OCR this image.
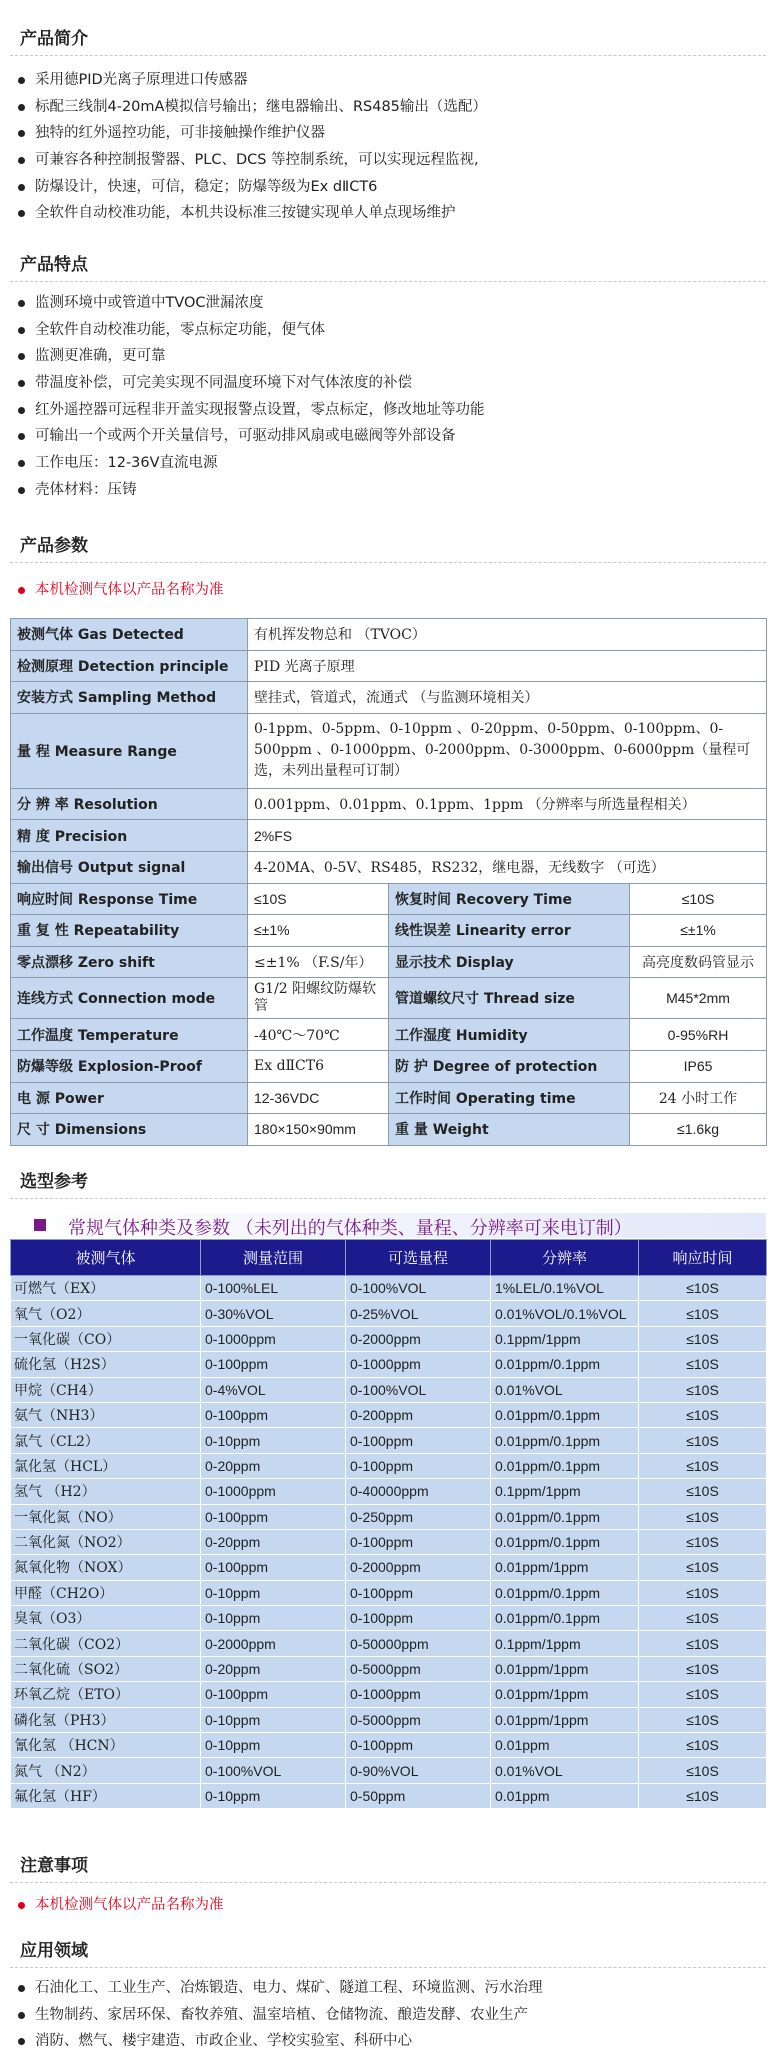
产品简介
采用德PID光离子原理进口传感器
标配三线制4-20mA模拟信号输出；继电器输出、RS485输出（选配）
独特的红外遥控功能，可非接触操作维护仪器
可兼容各种控制报警器、PLC、DCS 等控制系统，可以实现远程监视,
防爆设计，快速，可信，稳定；防爆等级为Ex dⅡCT6
全软件自动校准功能，本机共设标准三按键实现单人单点现场维护
产品特点
监测环境中或管道中TVOC泄漏浓度
全软件自动校准功能，零点标定功能，便气体
监测更准确，更可靠
带温度补偿，可完美实现不同温度环境下对气体浓度的补偿
红外遥控器可远程非开盖实现报警点设置，零点标定，修改地址等功能
可输出一个或两个开关量信号，可驱动排风扇或电磁阀等外部设备
工作电压：12-36V直流电源
壳体材料：压铸
产品参数
本机检测气体以产品名称为准
被测气体 Gas Detected	有机挥发物总和 （TVOC）		
检测原理 Detection principle	PID 光离子原理		
安装方式 Sampling Method	壁挂式，管道式，流通式 （与监测环境相关）		
量 程 Measure Range	0-1ppm、0-5ppm、0-10ppm 、0-20ppm、0-50ppm、0-100ppm、0-500ppm 、0-1000ppm、0-2000ppm、0-3000ppm、0-6000ppm（量程可选，未列出量程可订制）		
分 辨 率 Resolution	0.001ppm、0.01ppm、0.1ppm、1ppm （分辨率与所选量程相关）		
精 度 Precision	2%FS		
输出信号 Output signal	4-20MA、0-5V、RS485，RS232，继电器，无线数字 （可选）		
响应时间 Response Time	≤10S	恢复时间 Recovery Time	≤10S
重 复 性 Repeatability	≤±1%	线性误差 Linearity error	≤±1%
零点漂移 Zero shift	≤±1% （F.S/年）	显示技术 Display	高亮度数码管显示
连线方式 Connection mode	G1/2 阳螺纹防爆软管	管道螺纹尺寸 Thread size	M45*2mm
工作温度 Temperature	-40℃～70℃	工作湿度 Humidity	0-95%RH
防爆等级 Explosion-Proof	Ex dⅡCT6	防 护 Degree of protection	IP65
电 源 Power	12-36VDC	工作时间 Operating time	24 小时工作
尺 寸 Dimensions	180×150×90mm	重 量 Weight	≤1.6kg
选型参考
常规气体种类及参数 （未列出的气体种类、量程、分辨率可来电订制）
被测气体	测量范围	可选量程	分辨率	响应时间
可燃气（EX）	0-100%LEL	0-100%VOL	1%LEL/0.1%VOL	≤10S
氧气（O2）	0-30%VOL	0-25%VOL	0.01%VOL/0.1%VOL	≤10S
一氧化碳（CO）	0-1000ppm	0-2000ppm	0.1ppm/1ppm	≤10S
硫化氢（H2S）	0-100ppm	0-1000ppm	0.01ppm/0.1ppm	≤10S
甲烷（CH4）	0-4%VOL	0-100%VOL	0.01%VOL	≤10S
氨气（NH3）	0-100ppm	0-200ppm	0.01ppm/0.1ppm	≤10S
氯气（CL2）	0-10ppm	0-100ppm	0.01ppm/0.1ppm	≤10S
氯化氢（HCL）	0-20ppm	0-100ppm	0.01ppm/0.1ppm	≤10S
氢气 （H2）	0-1000ppm	0-40000ppm	0.1ppm/1ppm	≤10S
一氧化氮（NO）	0-100ppm	0-250ppm	0.01ppm/0.1ppm	≤10S
二氧化氮（NO2）	0-20ppm	0-100ppm	0.01ppm/0.1ppm	≤10S
氮氧化物（NOX）	0-100ppm	0-2000ppm	0.01ppm/1ppm	≤10S
甲醛（CH2O）	0-10ppm	0-100ppm	0.01ppm/0.1ppm	≤10S
臭氧（O3）	0-10ppm	0-100ppm	0.01ppm/0.1ppm	≤10S
二氧化碳（CO2）	0-2000ppm	0-50000ppm	0.1ppm/1ppm	≤10S
二氧化硫（SO2）	0-20ppm	0-5000ppm	0.01ppm/1ppm	≤10S
环氧乙烷（ETO）	0-100ppm	0-1000ppm	0.01ppm/1ppm	≤10S
磷化氢（PH3）	0-10ppm	0-5000ppm	0.01ppm/1ppm	≤10S
氰化氢 （HCN）	0-10ppm	0-100ppm	0.01ppm	≤10S
氮气 （N2）	0-100%VOL	0-90%VOL	0.01%VOL	≤10S
氟化氢（HF）	0-10ppm	0-50ppm	0.01ppm	≤10S
注意事项
本机检测气体以产品名称为准
应用领域
石油化工、工业生产、冶炼锻造、电力、煤矿、隧道工程、环境监测、污水治理
生物制药、家居环保、畜牧养殖、温室培植、仓储物流、酿造发酵、农业生产
消防、燃气、楼宇建造、市政企业、学校实验室、科研中心
